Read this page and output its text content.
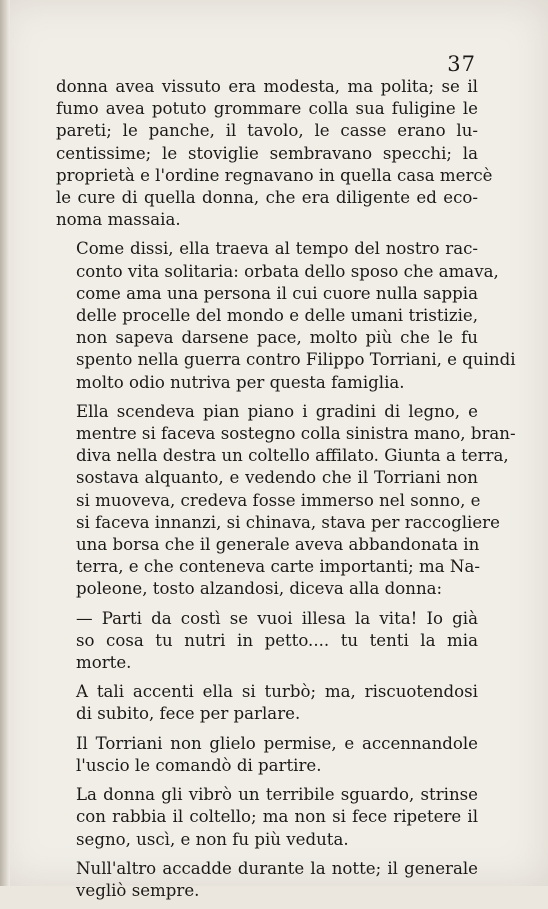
37

donna avea vissuto era modesta, ma polita; se il
fumo avea potuto grommare colla sua fuligine le
pareti; le panche, il tavolo, le casse erano lu-
centissime; le stoviglie sembravano specchi; la
proprietà e l'ordine regnavano in quella casa mercè
le cure di quella donna, che era diligente ed eco-
noma massaia.

Come dissi, ella traeva al tempo del nostro rac-
conto vita solitaria: orbata dello sposo che amava,
come ama una persona il cui cuore nulla sappia
delle procelle del mondo e delle umani tristizie,
non sapeva darsene pace, molto più che le fu
spento nella guerra contro Filippo Torriani, e quindi
molto odio nutriva per questa famiglia.

Ella scendeva pian piano i gradini di legno, e
mentre si faceva sostegno colla sinistra mano, bran-
diva nella destra un coltello affilato. Giunta a terra,
sostava alquanto, e vedendo che il Torriani non
si muoveva, credeva fosse immerso nel sonno, e
si faceva innanzi, si chinava, stava per raccogliere
una borsa che il generale aveva abbandonata in
terra, e che conteneva carte importanti; ma Na-
poleone, tosto alzandosi, diceva alla donna:

— Parti da costì se vuoi illesa la vita! Io già
so cosa tu nutri in petto.... tu tenti la mia
morte.

A tali accenti ella si turbò; ma, riscuotendosi
di subito, fece per parlare.

Il Torriani non glielo permise, e accennandole
l'uscio le comandò di partire.

La donna gli vibrò un terribile sguardo, strinse
con rabbia il coltello; ma non si fece ripetere il
segno, uscì, e non fu più veduta.

Null'altro accadde durante la notte; il generale
vegliò sempre.
